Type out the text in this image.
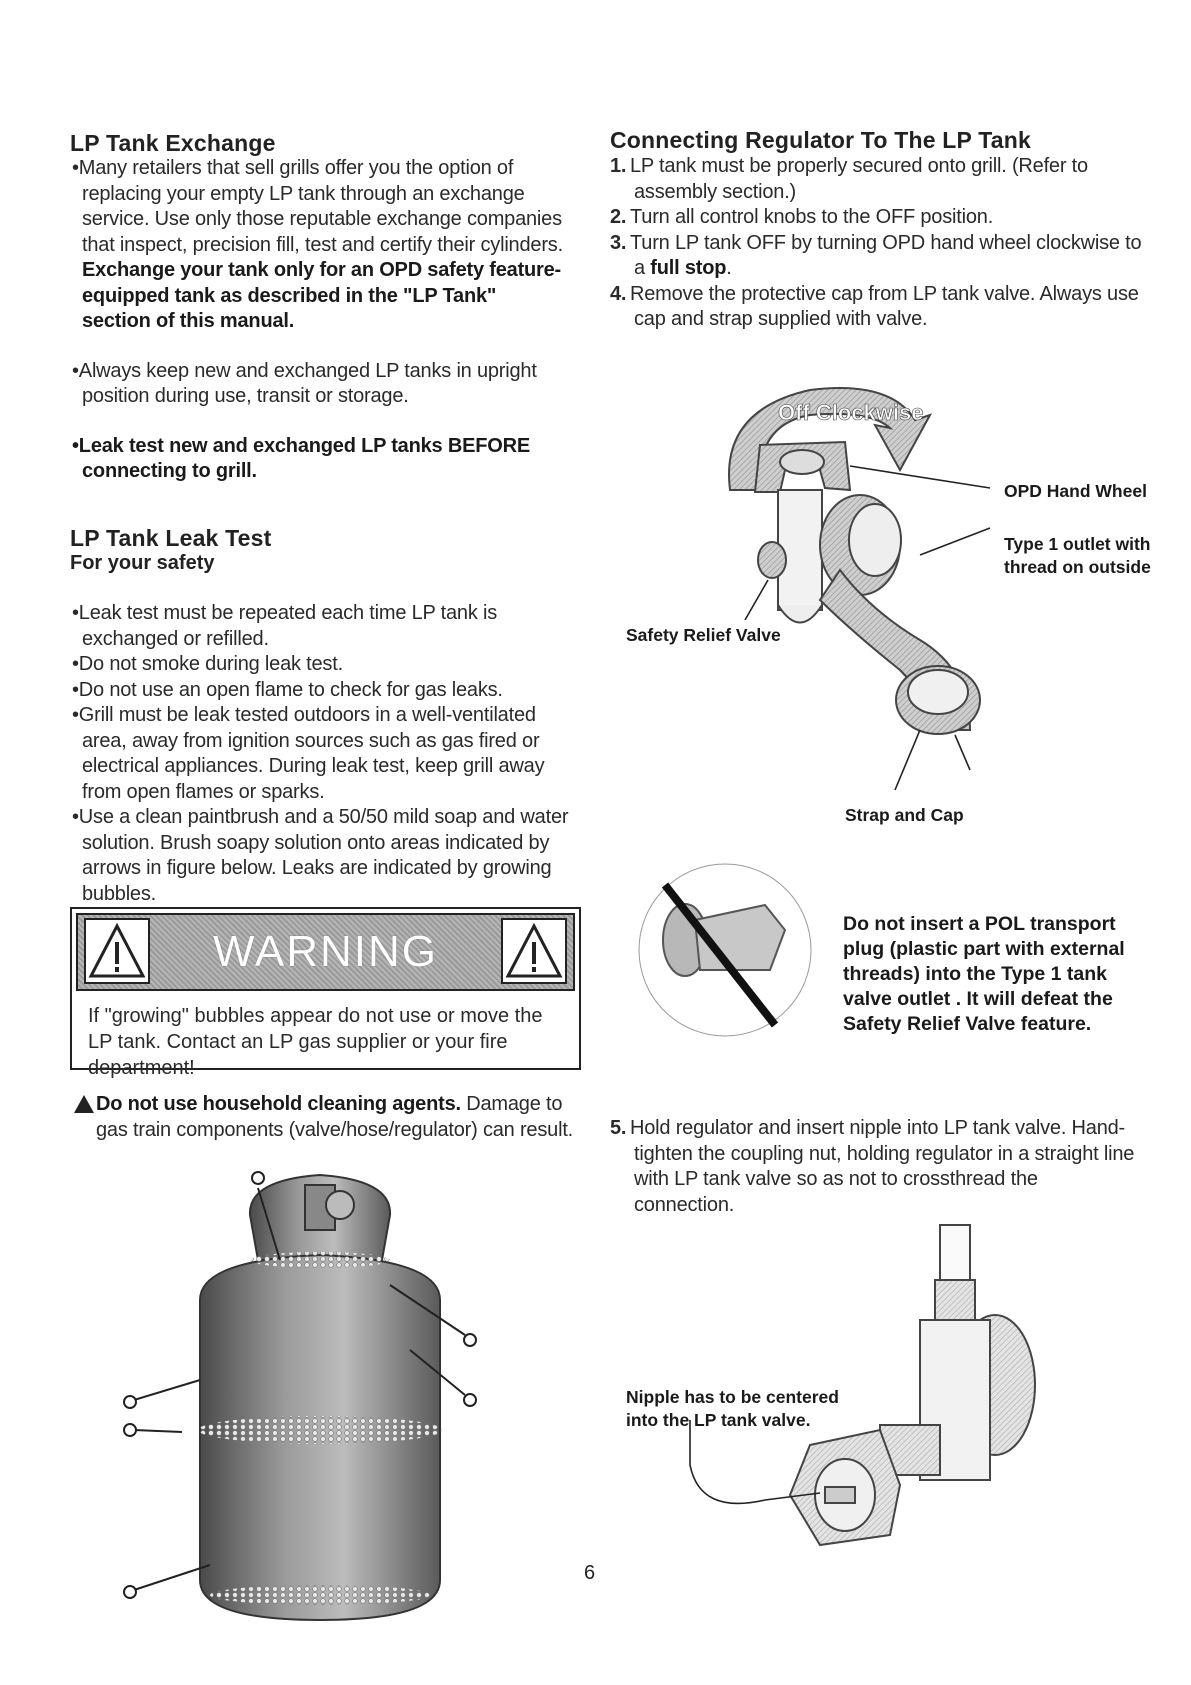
LP Tank Exchange

•Many retailers that sell grills offer you the option of replacing your empty LP tank through an exchange service. Use only those reputable exchange companies that inspect, precision fill, test and certify their cylinders. Exchange your tank only for an OPD safety feature-equipped tank as described in the "LP Tank" section of this manual.

•Always keep new and exchanged LP tanks in upright position during use, transit or storage.

•Leak test new and exchanged LP tanks BEFORE connecting to grill.

LP Tank Leak Test
For your safety

•Leak test must be repeated each time LP tank is exchanged or refilled.

•Do not smoke during leak test.

•Do not use an open flame to check for gas leaks.

•Grill must be leak tested outdoors in a well-ventilated area, away from ignition sources such as gas fired or electrical appliances. During leak test, keep grill away from open flames or sparks.

•Use a clean paintbrush and a 50/50 mild soap and water solution. Brush soapy solution onto areas indicated by arrows in figure below. Leaks are indicated by growing bubbles.

WARNING
If "growing" bubbles appear do not use or move the LP tank. Contact an LP gas supplier or your fire department!
Do not use household cleaning agents. Damage to gas train components (valve/hose/regulator) can result.
Connecting Regulator To The LP Tank

1. LP tank must be properly secured onto grill. (Refer to assembly section.)

2. Turn all control knobs to the OFF position.

3. Turn LP tank OFF by turning OPD hand wheel clockwise to a full stop.

4. Remove the protective cap from LP tank valve. Always use cap and strap supplied with valve.

Off Clockwise
OPD Hand Wheel
Type 1 outlet with
thread on outside
Safety Relief Valve
Strap and Cap
Do not insert a POL transport plug (plastic part with external threads) into the Type 1 tank valve outlet . It will defeat the Safety Relief Valve feature.

5. Hold regulator and insert nipple into LP tank valve. Hand-tighten the coupling nut, holding regulator in a straight line with LP tank valve so as not to crossthread the connection.

Nipple has to be centered
into the LP tank valve.
6
